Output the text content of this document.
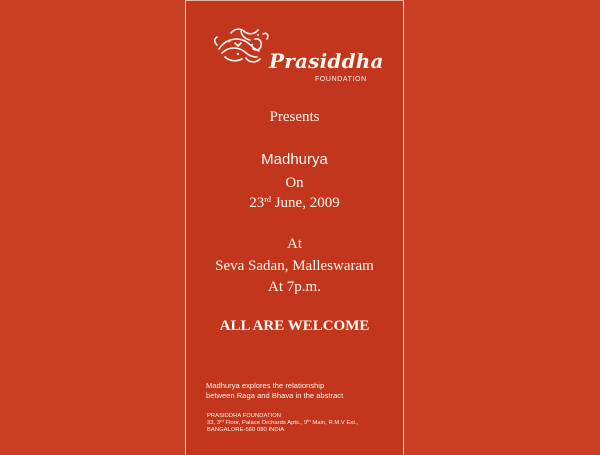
Prasiddha
FOUNDATION
Presents
Madhurya
On
23rd June, 2009
At
Seva Sadan, Malleswaram
At 7p.m.
ALL ARE WELCOME
Madhurya explores the relationship
between Raga and Bhava in the abstract
PRASIDDHA FOUNDATION
33, 3rd Floor, Palace Orchards Apts., 9th Main, R.M.V Ext.,
BANGALORE-560 080 INDIA.
